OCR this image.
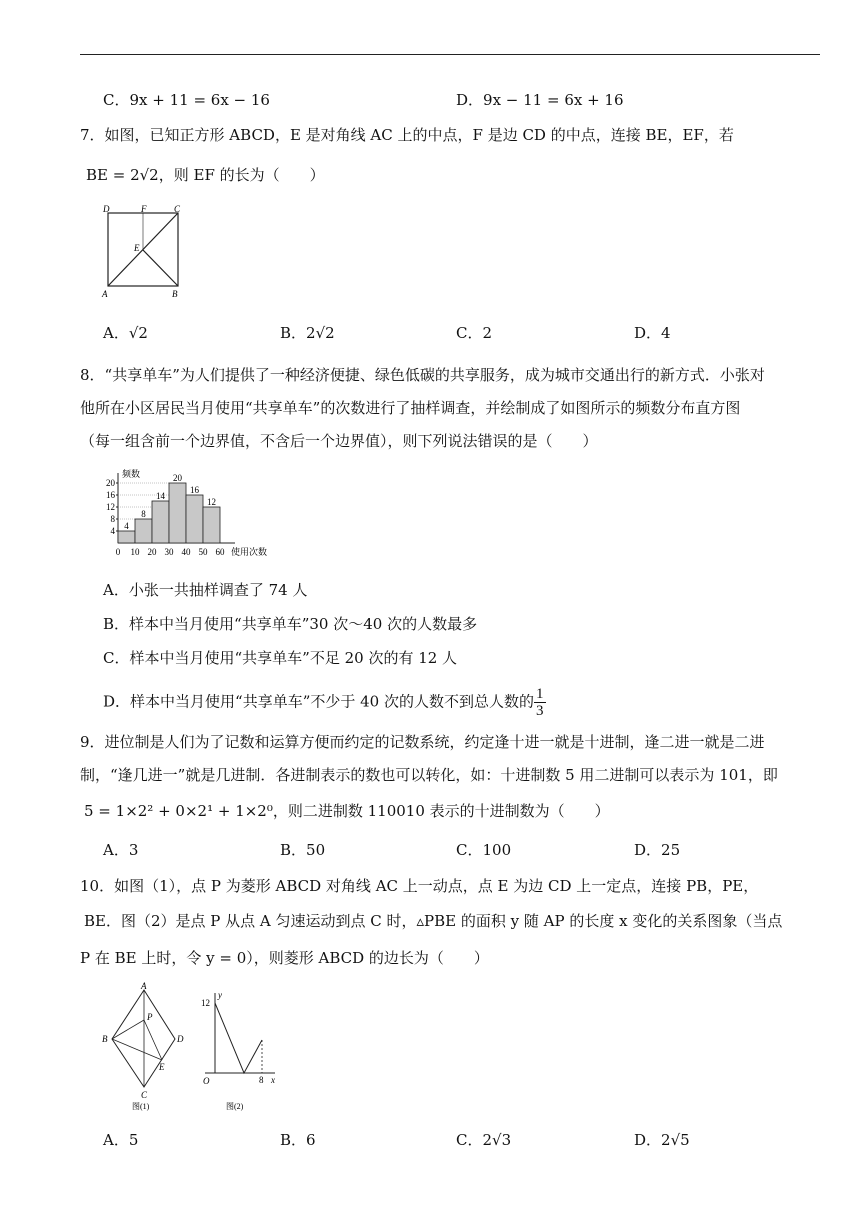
C．9x + 11 = 6x − 16	D．9x − 11 = 6x + 16
7．如图，已知正方形 ABCD，E 是对角线 AC 上的中点，F 是边 CD 的中点，连接 BE，EF，若
BE = 2√2，则 EF 的长为（　　）
D	F	C
E
A	B
A．√2	B．2√2	C．2	D．4
8．“共享单车”为人们提供了一种经济便捷、绿色低碳的共享服务，成为城市交通出行的新方式．小张对
他所在小区居民当月使用“共享单车”的次数进行了抽样调查，并绘制成了如图所示的频数分布直方图
（每一组含前一个边界值，不含后一个边界值），则下列说法错误的是（　　）
频数
使用次数
4
8
12
16
20
4
8
14
20
16
12
0 10 20 30 40 50 60
A．小张一共抽样调查了 74 人
B．样本中当月使用“共享单车”30 次～40 次的人数最多
C．样本中当月使用“共享单车”不足 20 次的有 12 人
D．样本中当月使用“共享单车”不少于 40 次的人数不到总人数的 $\frac{1}{3}$
9．进位制是人们为了记数和运算方便而约定的记数系统，约定逢十进一就是十进制，逢二进一就是二进
制，“逢几进一”就是几进制．各进制表示的数也可以转化，如：十进制数 5 用二进制可以表示为 101，即
5 = 1×2² + 0×2¹ + 1×2⁰，则二进制数 110010 表示的十进制数为（　　）
A．3	B．50	C．100	D．25
10．如图（1），点 P 为菱形 ABCD 对角线 AC 上一动点，点 E 为边 CD 上一定点，连接 PB，PE，
BE．图（2）是点 P 从点 A 匀速运动到点 C 时，▵PBE 的面积 y 随 AP 的长度 x 变化的关系图象（当点
P 在 BE 上时，令 y = 0），则菱形 ABCD 的边长为（　　）
A
B
C
D
P
E
图(1)
y
x
O
12
8
图(2)
A．5	B．6	C．2√3	D．2√5
